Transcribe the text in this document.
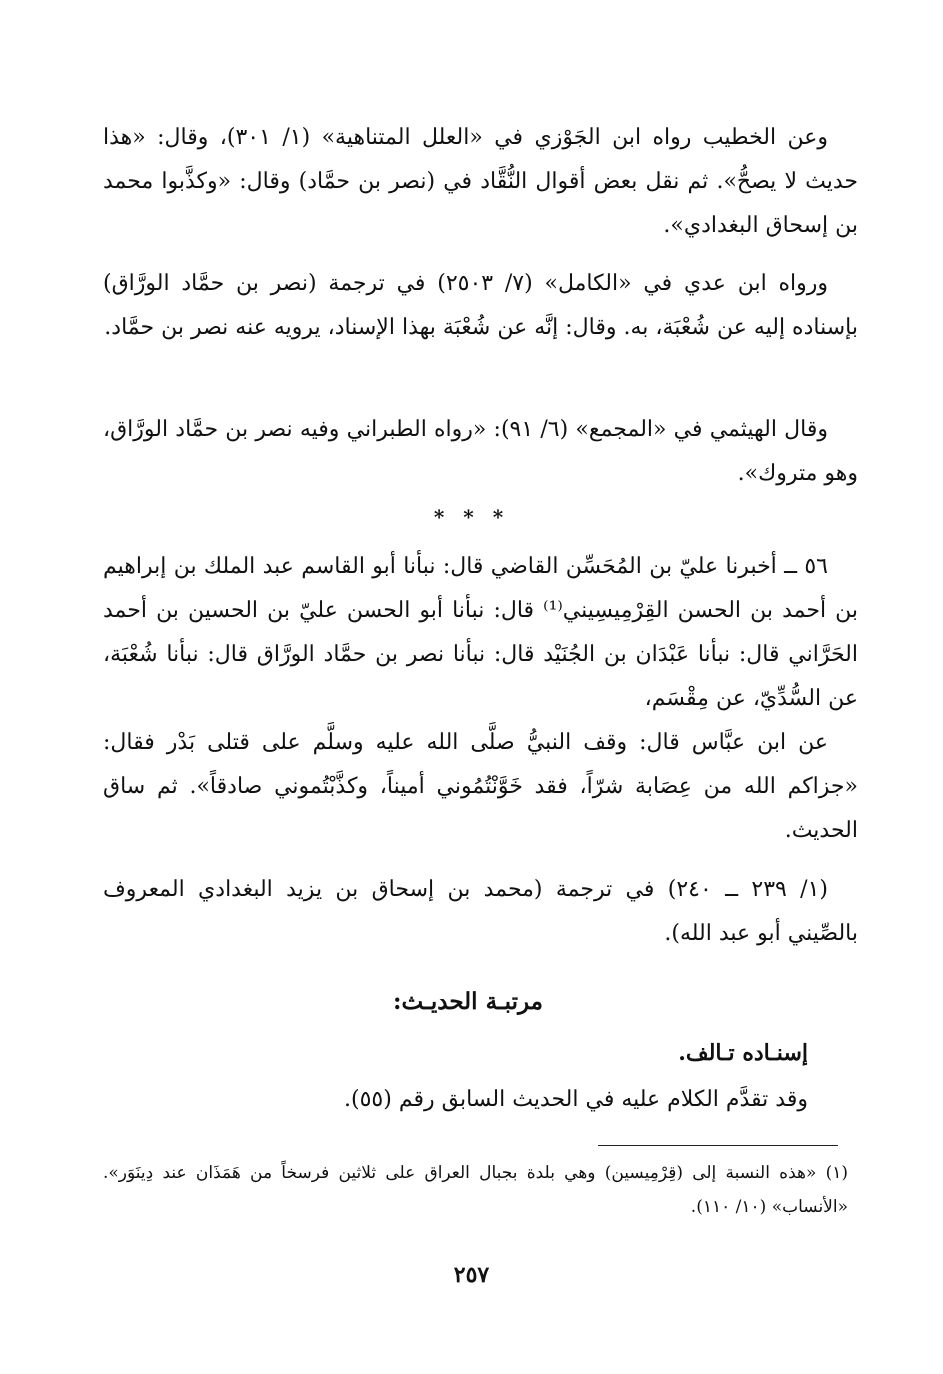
وعن الخطيب رواه ابن الجَوْزي في «العلل المتناهية» (١/ ٣٠١)، وقال: «هذا حديث لا يصحُّ». ثم نقل بعض أقوال النُّقَّاد في (نصر بن حمَّاد) وقال: «وكذَّبوا محمد بن إسحاق البغدادي».

ورواه ابن عدي في «الكامل» (٧/ ٢٥٠٣) في ترجمة (نصر بن حمَّاد الورَّاق) بإسناده إليه عن شُعْبَة، به. وقال: إنَّه عن شُعْبَة بهذا الإسناد، يرويه عنه نصر بن حمَّاد.

وقال الهيثمي في «المجمع» (٦/ ٩١): «رواه الطبراني وفيه نصر بن حمَّاد الورَّاق، وهو متروك».

* * *

٥٦ ــ أخبرنا عليّ بن المُحَسِّن القاضي قال: نبأنا أبو القاسم عبد الملك بن إبراهيم بن أحمد بن الحسن القِرْمِيسِيني⁽¹⁾ قال: نبأنا أبو الحسن عليّ بن الحسين بن أحمد الحَرَّاني قال: نبأنا عَبْدَان بن الجُنَيْد قال: نبأنا نصر بن حمَّاد الورَّاق قال: نبأنا شُعْبَة، عن السُّدِّيّ، عن مِقْسَم،

عن ابن عبَّاس قال: وقف النبيُّ صلَّى الله عليه وسلَّم على قتلى بَدْر فقال: «جزاكم الله من عِصَابة شرّاً، فقد خَوَّنْتُمُوني أميناً، وكذَّبْتُموني صادقاً». ثم ساق الحديث.

(١/ ٢٣٩ ــ ٢٤٠) في ترجمة (محمد بن إسحاق بن يزيد البغدادي المعروف بالصِّيني أبو عبد الله).

مرتبـة الحديـث:
إسنـاده تـالف.
وقد تقدَّم الكلام عليه في الحديث السابق رقم (٥٥).

(١) «هذه النسبة إلى (قِرْمِيسين) وهي بلدة بجبال العراق على ثلاثين فرسخاً من هَمَذَان عند دِينَوَر». «الأنساب» (١٠/ ١١٠).

٢٥٧
